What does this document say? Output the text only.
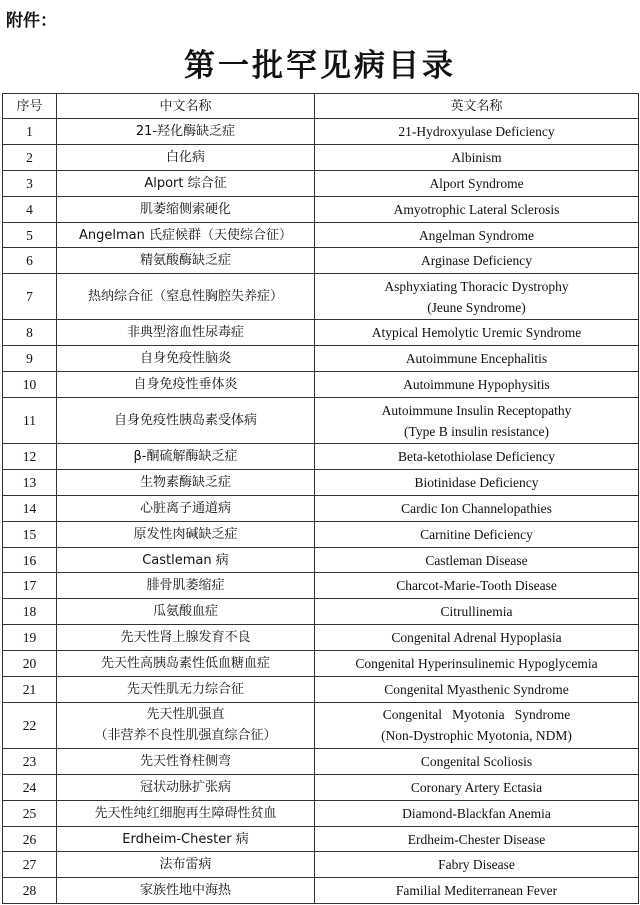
附件：
第一批罕见病目录
序号	中文名称	英文名称
1	21-羟化酶缺乏症	21-Hydroxyulase Deficiency

2	白化病	Albinism

3	Alport 综合征	Alport Syndrome

4	肌萎缩侧索硬化	Amyotrophic Lateral Sclerosis

5	Angelman 氏症候群（天使综合征）	Angelman Syndrome

6	精氨酸酶缺乏症	Arginase Deficiency

7	热纳综合征（窒息性胸腔失养症）	Asphyxiating Thoracic Dystrophy
(Jeune Syndrome)

8	非典型溶血性尿毒症	Atypical Hemolytic Uremic Syndrome

9	自身免疫性脑炎	Autoimmune Encephalitis

10	自身免疫性垂体炎	Autoimmune Hypophysitis

11	自身免疫性胰岛素受体病	Autoimmune Insulin Receptopathy
(Type B insulin resistance)

12	β-酮硫解酶缺乏症	Beta-ketothiolase Deficiency

13	生物素酶缺乏症	Biotinidase Deficiency

14	心脏离子通道病	Cardic Ion Channelopathies

15	原发性肉碱缺乏症	Carnitine Deficiency

16	Castleman 病	Castleman Disease

17	腓骨肌萎缩症	Charcot-Marie-Tooth Disease

18	瓜氨酸血症	Citrullinemia

19	先天性肾上腺发育不良	Congenital Adrenal Hypoplasia

20	先天性高胰岛素性低血糖血症	Congenital Hyperinsulinemic Hypoglycemia

21	先天性肌无力综合征	Congenital Myasthenic Syndrome

22	先天性肌强直
（非营养不良性肌强直综合征）	Congenital   Myotonia   Syndrome
(Non-Dystrophic Myotonia, NDM)

23	先天性脊柱侧弯	Congenital Scoliosis

24	冠状动脉扩张病	Coronary Artery Ectasia

25	先天性纯红细胞再生障碍性贫血	Diamond-Blackfan Anemia

26	Erdheim-Chester 病	Erdheim-Chester Disease

27	法布雷病	Fabry Disease

28	家族性地中海热	Familial Mediterranean Fever
